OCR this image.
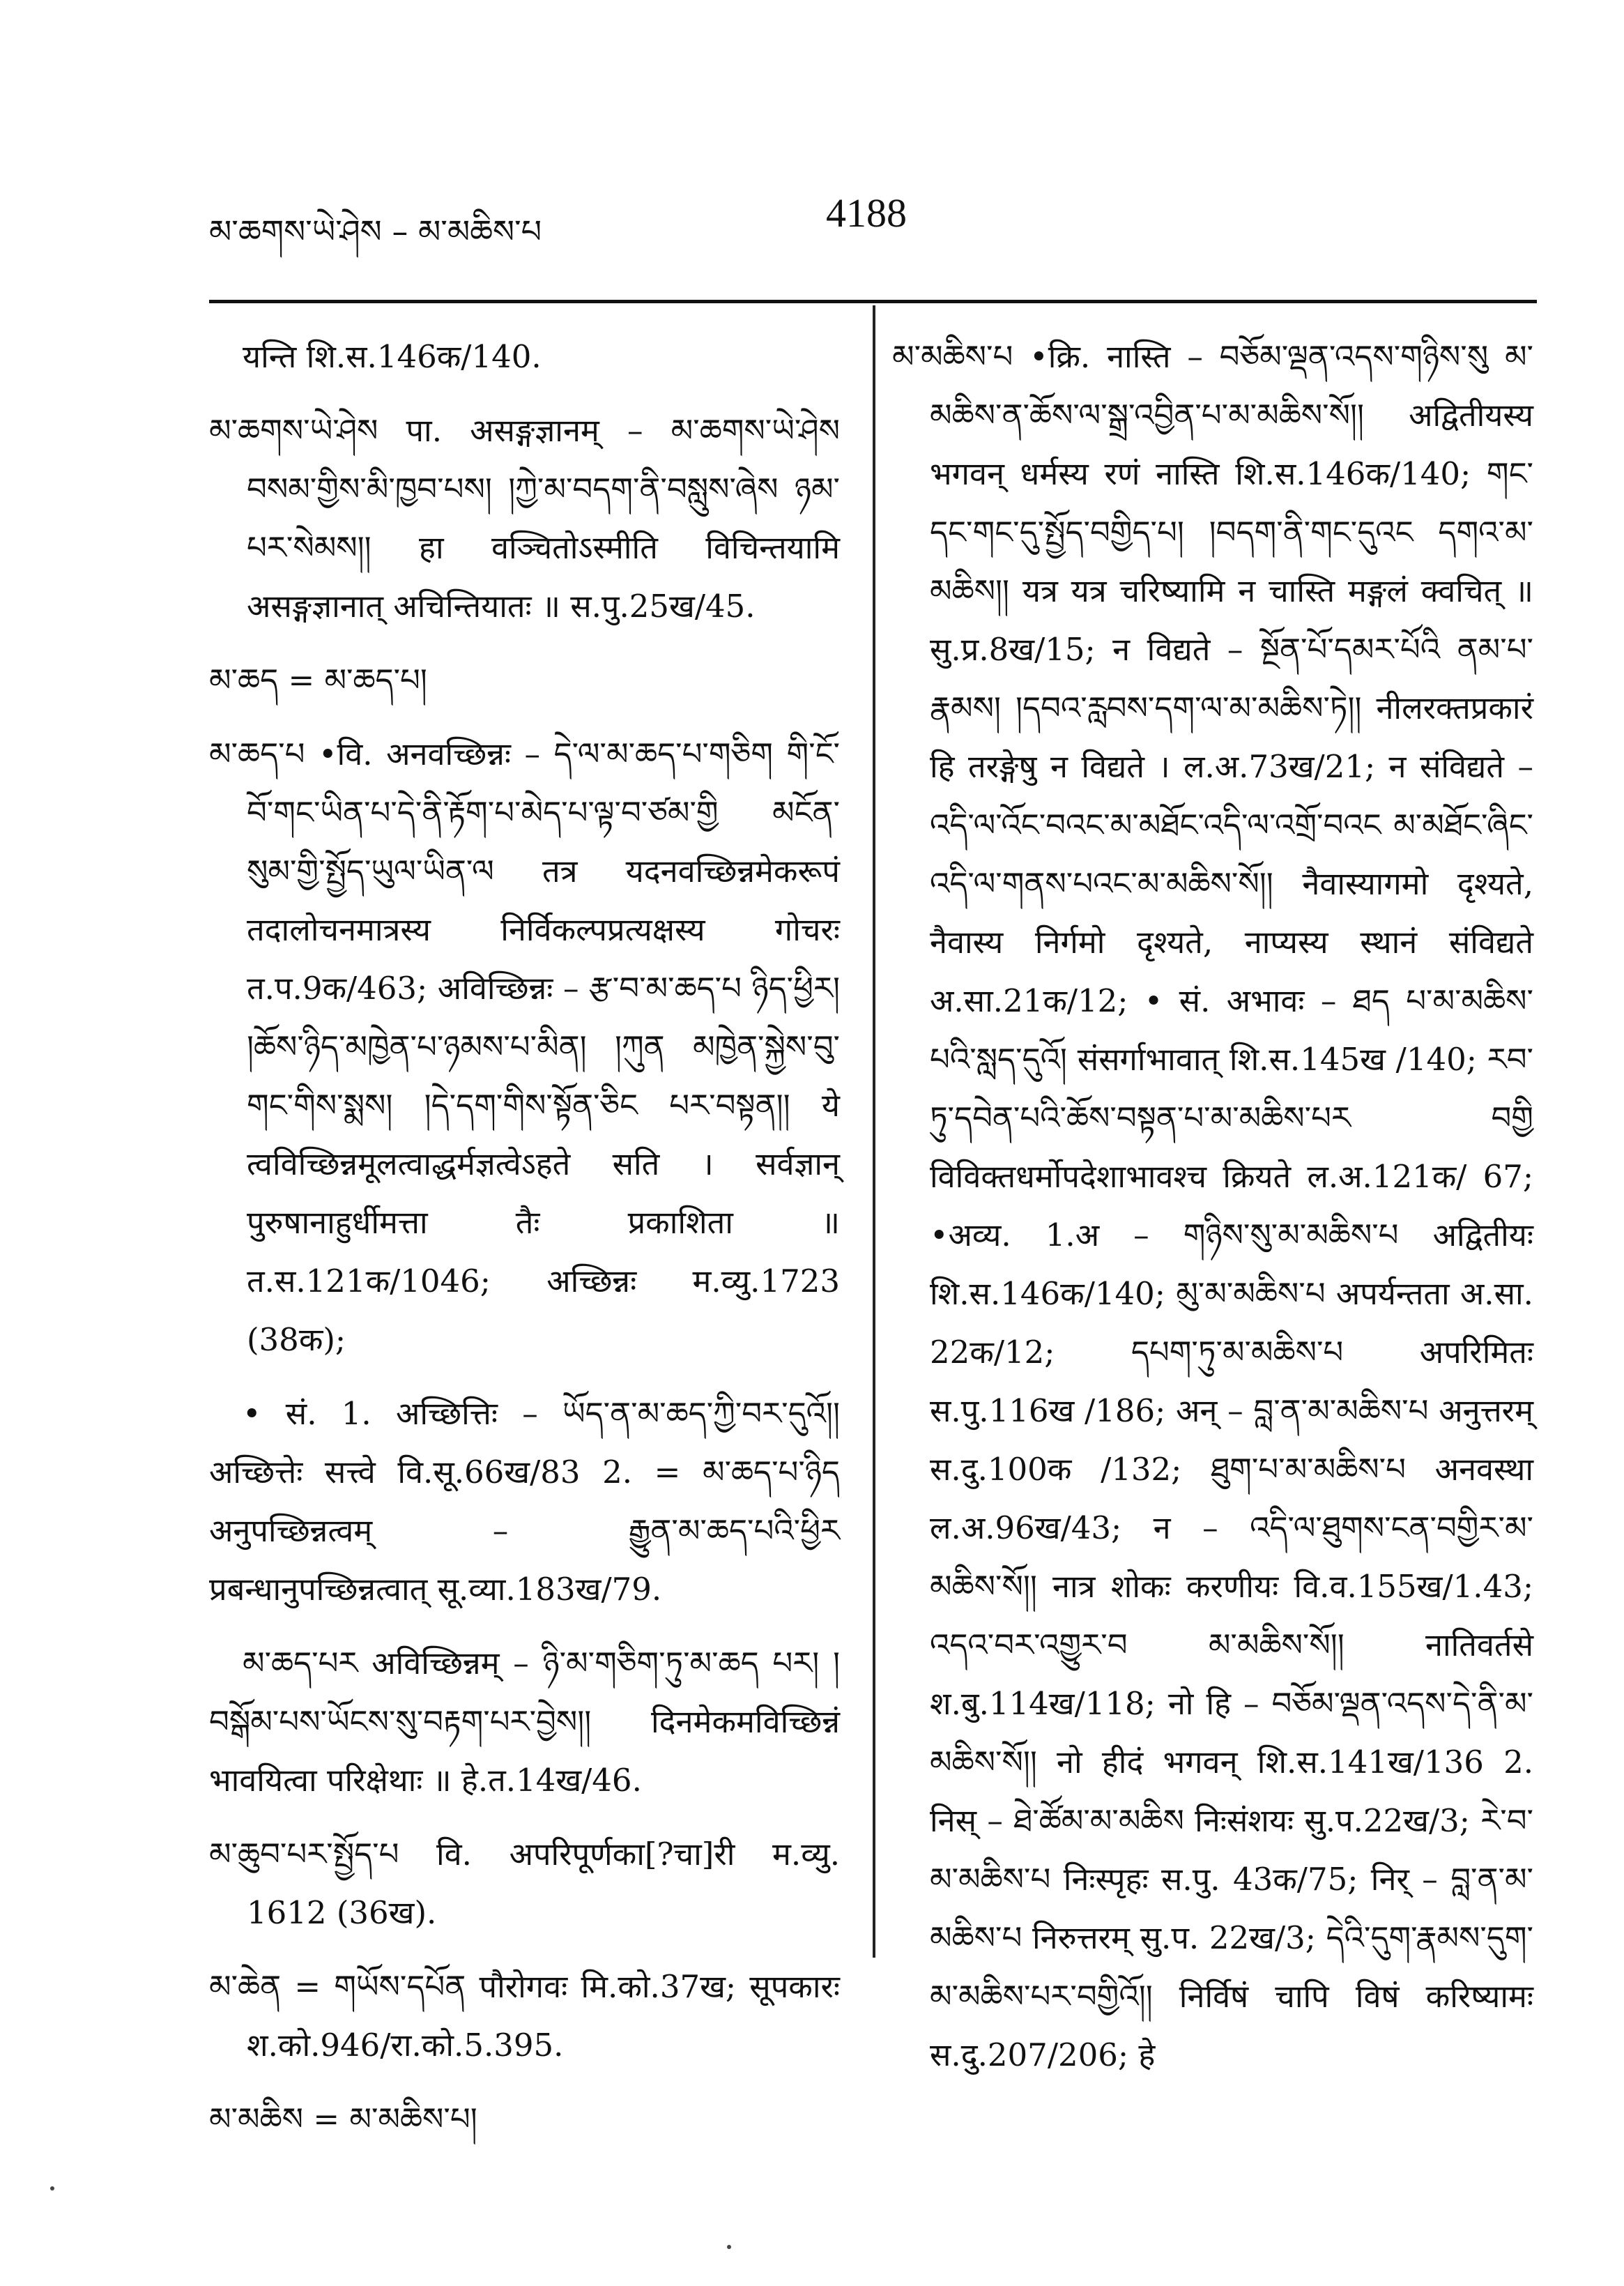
མ་ཆགས་ཡེ་ཤེས – མ་མཆིས་པ	4188

यन्ति शि.स.146क/140.

མ་ཆགས་ཡེ་ཤེས पा. असङ्गज्ञानम् – མ་ཆགས་ཡེ་ཤེས བསམ་གྱིས་མི་ཁྱབ་པས། །ཀྱེ་མ་བདག་ནི་བསླུས་ཞེས ཉམ་པར་སེམས།། हा वञ्चितोऽस्मीति विचिन्तयामि असङ्गज्ञानात् अचिन्तियातः ॥ स.पु.25ख/45.

མ་ཆད = མ་ཆད་པ།

མ་ཆད་པ •वि. अनवच्छिन्नः – དེ་ལ་མ་ཆད་པ་གཅིག གི་ངོ་བོ་གང་ཡིན་པ་དེ་ནི་རྟོག་པ་མེད་པ་ལྟ་བ་ཙམ་གྱི མངོན་སུམ་གྱི་སྤྱོད་ཡུལ་ཡིན་ལ तत्र यदनवच्छिन्नमेकरूपं तदालोचनमात्रस्य निर्विकल्पप्रत्यक्षस्य गोचरः त.प.9क/463; अविच्छिन्नः – རྩ་བ་མ་ཆད་པ ཉིད་ཕྱིར། །ཆོས་ཉིད་མཁྱེན་པ་ཉམས་པ་མིན། །ཀུན མཁྱེན་སྐྱེས་བུ་གང་གིས་སྨས། །དེ་དག་གིས་སྟོན་ཅིང པར་བསྟན།། ये त्वविच्छिन्नमूलत्वाद्धर्मज्ञत्वेऽहते सति । सर्वज्ञान् पुरुषानाहुर्धीमत्ता तैः प्रकाशिता ॥ त.स.121क/1046; अच्छिन्नः म.व्यु.1723 (38क);

• सं. 1. अच्छित्तिः – ཡོད་ན་མ་ཆད་ཀྱི་བར་དུའོ།། अच्छित्तेः सत्त्वे वि.सू.66ख/83 2. = མ་ཆད་པ་ཉིད अनुपच्छिन्नत्वम् – རྒྱུན་མ་ཆད་པའི་ཕྱིར प्रबन्धानुपच्छिन्नत्वात् सू.व्या.183ख/79.

མ་ཆད་པར अविच्छिन्नम् – ཉི་མ་གཅིག་ཏུ་མ་ཆད པར། །བསྒོམ་པས་ཡོངས་སུ་བརྟག་པར་བྱེས།། दिनमेकमविच्छिन्नं भावयित्वा परिक्षेथाः ॥ हे.त.14ख/46.

མ་ཆུབ་པར་སྤྱོད་པ वि. अपरिपूर्णका[?चा]री म.व्यु. 1612 (36ख).

མ་ཆེན = གཡོས་དཔོན पौरोगवः मि.को.37ख; सूपकारः श.को.946/रा.को.5.395.

མ་མཆིས = མ་མཆིས་པ།

མ་མཆིས་པ •क्रि. नास्ति – བཅོམ་ལྡན་འདས་གཉིས་སུ མ་མཆིས་ན་ཆོས་ལ་སྒྲ་འབྱིན་པ་མ་མཆིས་སོ།། अद्वितीयस्य भगवन् धर्मस्य रणं नास्ति शि.स.146क/140; གང་དང་གང་དུ་སྤྱོད་བགྱིད་པ། །བདག་ནི་གང་དུའང དགའ་མ་མཆིས།། यत्र यत्र चरिष्यामि न चास्ति मङ्गलं क्वचित् ॥ सु.प्र.8ख/15; न विद्यते – སྔོན་པོ་དམར་པོའི ནམ་པ་རྣམས། །དབའ་རླབས་དག་ལ་མ་མཆིས་ཏེ།། नीलरक्तप्रकारं हि तरङ्गेषु न विद्यते । ल.अ.73ख/21; न संविद्यते – འདི་ལ་འོང་བའང་མ་མཐོང་འདི་ལ་འགྲོ་བའང མ་མཐོང་ཞིང་འདི་ལ་གནས་པའང་མ་མཆིས་སོ།། नैवास्यागमो दृश्यते, नैवास्य निर्गमो दृश्यते, नाप्यस्य स्थानं संविद्यते अ.सा.21क/12; • सं. अभावः – ཐད པ་མ་མཆིས་པའི་སླད་དུའོ། संसर्गाभावात् शि.स.145ख /140; རབ་ཏུ་དབེན་པའི་ཆོས་བསྟན་པ་མ་མཆིས་པར བགྱི विविक्तधर्मोपदेशाभावश्च क्रियते ल.अ.121क/ 67; •अव्य. 1.अ – གཉིས་སུ་མ་མཆིས་པ अद्वितीयः शि.स.146क/140; མུ་མ་མཆིས་པ अपर्यन्तता अ.सा. 22क/12; དཔག་ཏུ་མ་མཆིས་པ अपरिमितः स.पु.116ख /186; अन् – བླ་ན་མ་མཆིས་པ अनुत्तरम् स.दु.100क /132; ཐུག་པ་མ་མཆིས་པ अनवस्था ल.अ.96ख/43; न – འདི་ལ་ཐུགས་ངན་བགྱིར་མ་མཆིས་སོ།། नात्र शोकः करणीयः वि.व.155ख/1.43; འདའ་བར་འགྱུར་བ མ་མཆིས་སོ།། नातिवर्तसे श.बु.114ख/118; नो हि – བཅོམ་ལྡན་འདས་དེ་ནི་མ་མཆིས་སོ།། नो हीदं भगवन् शि.स.141ख/136 2. निस् – ཐེ་ཚོམ་མ་མཆིས निःसंशयः सु.प.22ख/3; རེ་བ་མ་མཆིས་པ निःस्पृहः स.पु. 43क/75; निर् – བླ་ན་མ་མཆིས་པ निरुत्तरम् सु.प. 22ख/3; དེའི་དུག་རྣམས་དུག་མ་མཆིས་པར་བགྱིའོ།། निर्विषं चापि विषं करिष्यामः स.दु.207/206; हे
